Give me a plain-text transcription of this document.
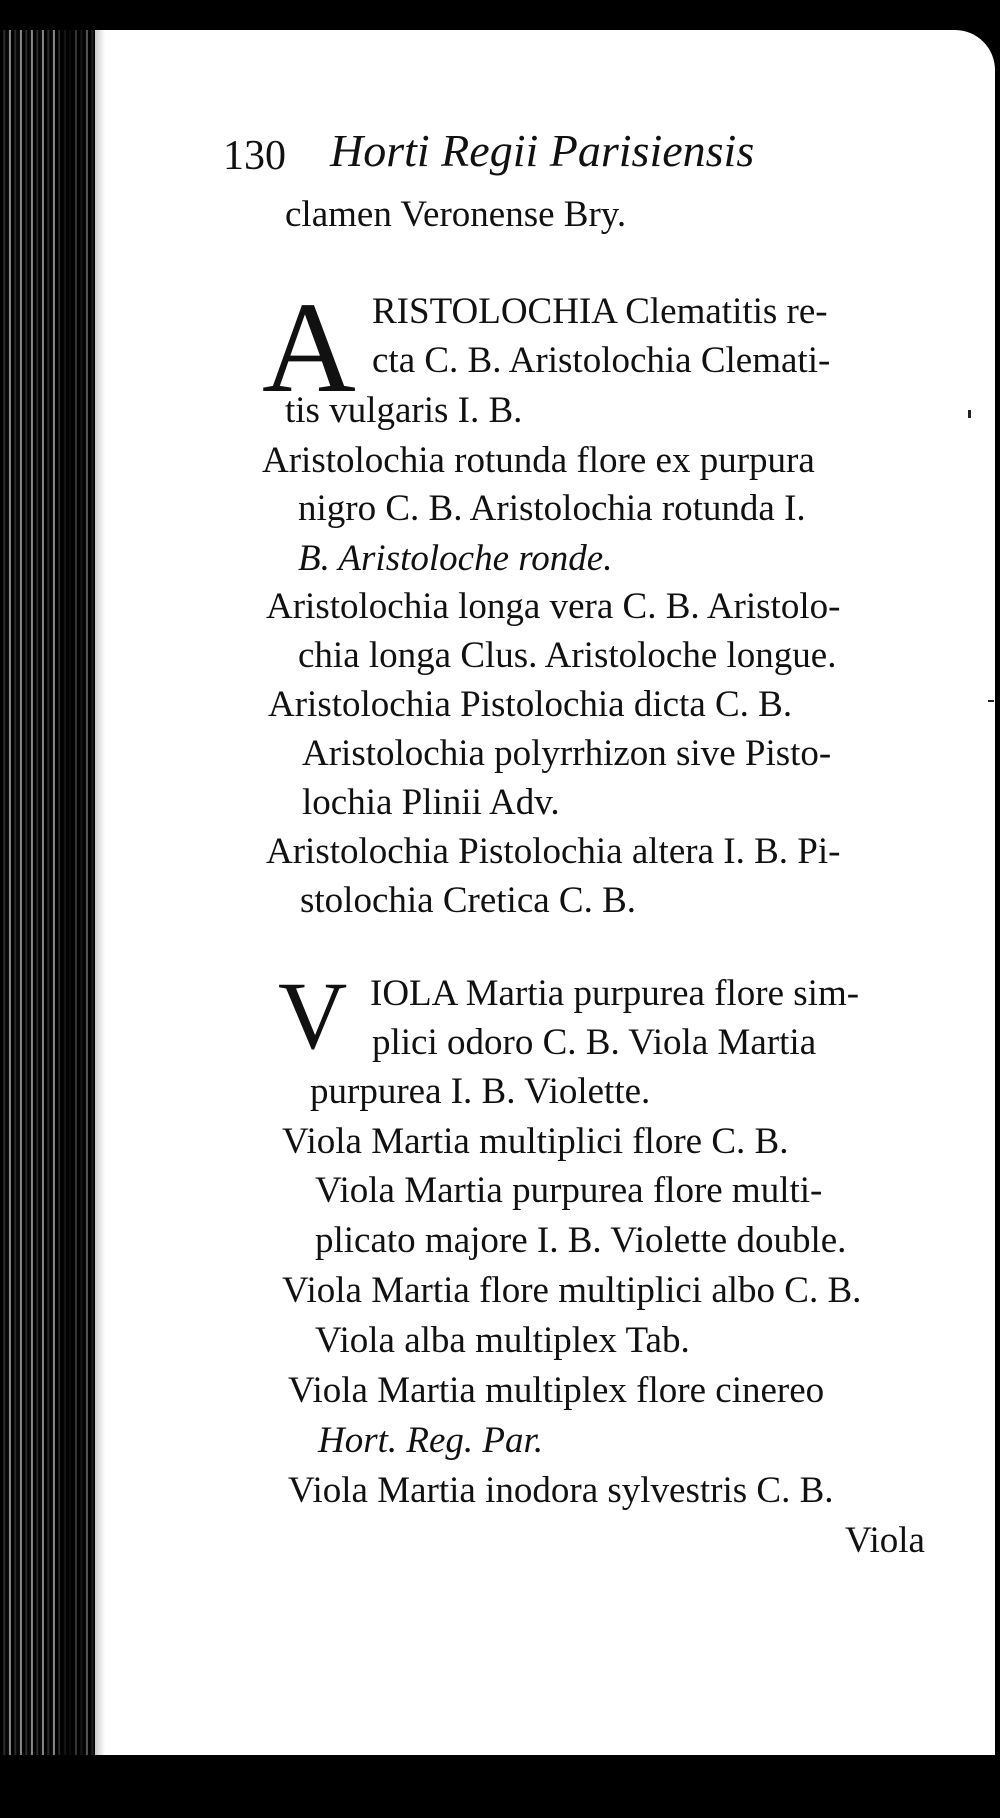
130 Horti Regii Parisiensis
clamen Veronense Bry.
A RISTOLOCHIA Clematitis re-
cta C. B. Aristolochia Clemati-
tis vulgaris I. B.
Aristolochia rotunda flore ex purpura
nigro C. B. Aristolochia rotunda I.
B. Aristoloche ronde.
Aristolochia longa vera C. B. Aristolo-
chia longa Clus. Aristoloche longue.
Aristolochia Pistolochia dicta C. B.
Aristolochia polyrrhizon sive Pisto-
lochia Plinii Adv.
Aristolochia Pistolochia altera I. B. Pi-
stolochia Cretica C. B.
V IOLA Martia purpurea flore sim-
plici odoro C. B. Viola Martia
purpurea I. B. Violette.
Viola Martia multiplici flore C. B.
Viola Martia purpurea flore multi-
plicato majore I. B. Violette double.
Viola Martia flore multiplici albo C. B.
Viola alba multiplex Tab.
Viola Martia multiplex flore cinereo
Hort. Reg. Par.
Viola Martia inodora sylvestris C. B.
Viola
